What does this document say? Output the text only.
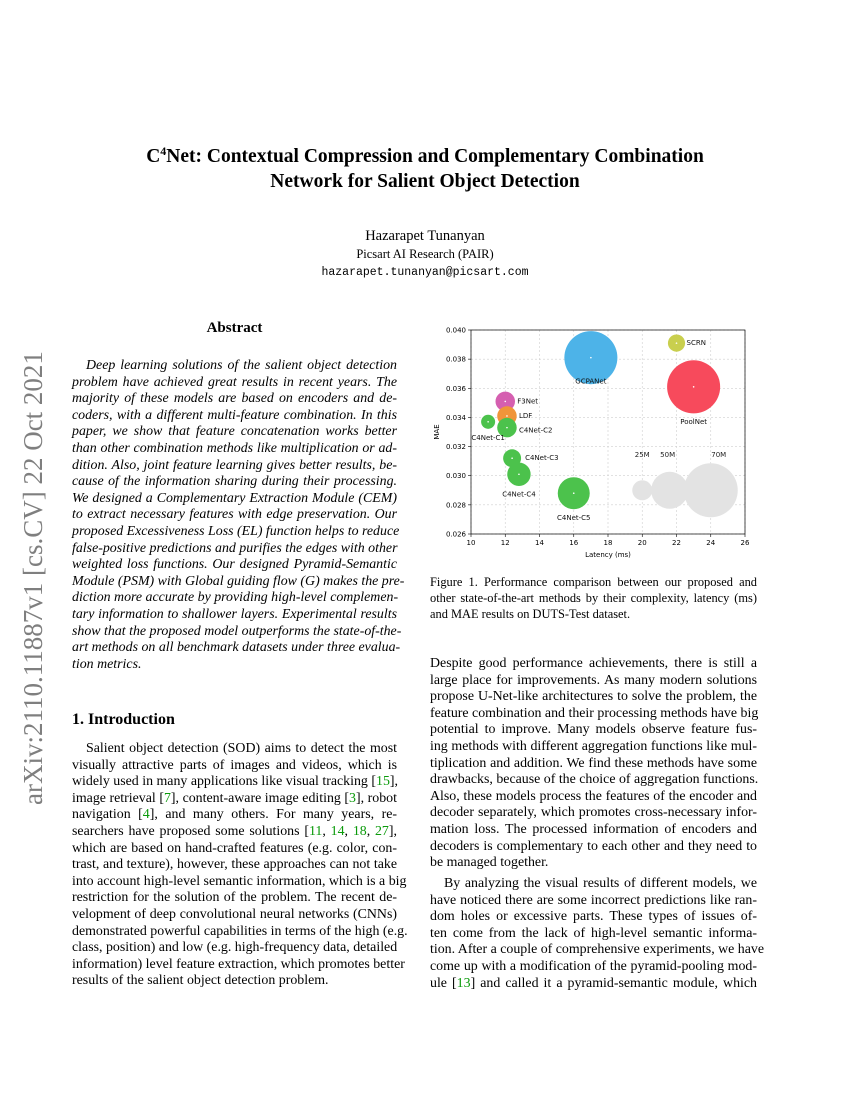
$C^4Net$: Contextual Compression and Complementary Combination
Network for Salient Object Detection
Hazarapet Tunanyan
Picsart AI Research (PAIR)
hazarapet.tunanyan@picsart.com
arXiv:2110.11887v1 [cs.CV] 22 Oct 2021
Abstract
Deep learning solutions of the salient object detection
problem have achieved great results in recent years. The
majority of these models are based on encoders and de-
coders, with a different multi-feature combination. In this
paper, we show that feature concatenation works better
than other combination methods like multiplication or ad-
dition. Also, joint feature learning gives better results, be-
cause of the information sharing during their processing.
We designed a Complementary Extraction Module (CEM)
to extract necessary features with edge preservation. Our
proposed Excessiveness Loss (EL) function helps to reduce
false-positive predictions and purifies the edges with other
weighted loss functions. Our designed Pyramid-Semantic
Module (PSM) with Global guiding flow (G) makes the pre-
diction more accurate by providing high-level complemen-
tary information to shallower layers. Experimental results
show that the proposed model outperforms the state-of-the-
art methods on all benchmark datasets under three evalua-
tion metrics.
1. Introduction
Salient object detection (SOD) aims to detect the most
visually attractive parts of images and videos, which is
widely used in many applications like visual tracking [15],
image retrieval [7], content-aware image editing [3], robot
navigation [4], and many others. For many years, re-
searchers have proposed some solutions [11, 14, 18, 27],
which are based on hand-crafted features (e.g. color, con-
trast, and texture), however, these approaches can not take
into account high-level semantic information, which is a big
restriction for the solution of the problem. The recent de-
velopment of deep convolutional neural networks (CNNs)
demonstrated powerful capabilities in terms of the high (e.g.
class, position) and low (e.g. high-frequency data, detailed
information) level feature extraction, which promotes better
results of the salient object detection problem.
10	12	14	16	18	20	22	24	26
0.026
0.028
0.030
0.032
0.034
0.036
0.038
0.040
25M 50M	70M
SCRN
GCPANet
PoolNet
F3Net
LDF
C4Net-C2
C4Net-C1
C4Net-C3
C4Net-C4
C4Net-C5
Latency (ms)
MAE
Figure 1. Performance comparison between our proposed and
other state-of-the-art methods by their complexity, latency (ms)
and MAE results on DUTS-Test dataset.
Despite good performance achievements, there is still a
large place for improvements. As many modern solutions
propose U-Net-like architectures to solve the problem, the
feature combination and their processing methods have big
potential to improve. Many models observe feature fus-
ing methods with different aggregation functions like mul-
tiplication and addition. We find these methods have some
drawbacks, because of the choice of aggregation functions.
Also, these models process the features of the encoder and
decoder separately, which promotes cross-necessary infor-
mation loss. The processed information of encoders and
decoders is complementary to each other and they need to
be managed together.
By analyzing the visual results of different models, we
have noticed there are some incorrect predictions like ran-
dom holes or excessive parts. These types of issues of-
ten come from the lack of high-level semantic informa-
tion. After a couple of comprehensive experiments, we have
come up with a modification of the pyramid-pooling mod-
ule [13] and called it a pyramid-semantic module, which
